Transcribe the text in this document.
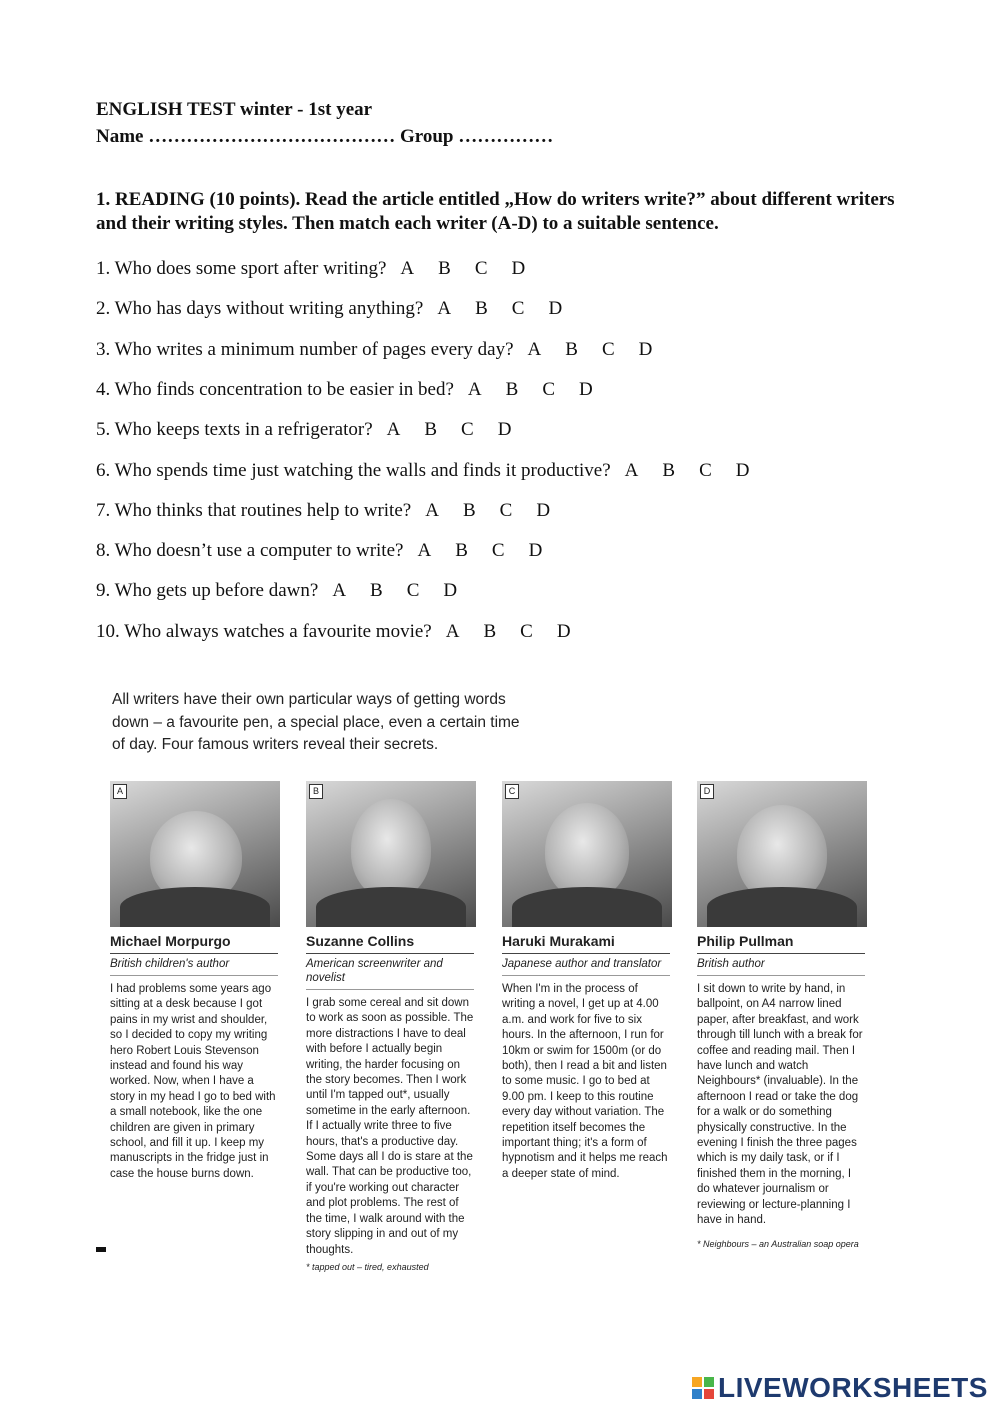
ENGLISH TEST winter - 1st year
Name ………………………………… Group ……………
1. READING (10 points). Read the article entitled „How do writers write?” about different writers and their writing styles. Then match each writer (A-D) to a suitable sentence.
1. Who does some sport after writing? A B C D
2. Who has days without writing anything? A B C D
3. Who writes a minimum number of pages every day? A B C D
4. Who finds concentration to be easier in bed? A B C D
5. Who keeps texts in a refrigerator? A B C D
6. Who spends time just watching the walls and finds it productive? A B C D
7. Who thinks that routines help to write? A B C D
8. Who doesn’t use a computer to write? A B C D
9. Who gets up before dawn? A B C D
10. Who always watches a favourite movie? A B C D
All writers have their own particular ways of getting words down – a favourite pen, a special place, even a certain time of day. Four famous writers reveal their secrets.
A
Michael Morpurgo
British children's author
I had problems some years ago sitting at a desk because I got pains in my wrist and shoulder, so I decided to copy my writing hero Robert Louis Stevenson instead and found his way worked. Now, when I have a story in my head I go to bed with a small notebook, like the one children are given in primary school, and fill it up. I keep my manuscripts in the fridge just in case the house burns down.
B
Suzanne Collins
American screenwriter and novelist
I grab some cereal and sit down to work as soon as possible. The more distractions I have to deal with before I actually begin writing, the harder focusing on the story becomes. Then I work until I'm tapped out*, usually sometime in the early afternoon. If I actually write three to five hours, that's a productive day. Some days all I do is stare at the wall. That can be productive too, if you're working out character and plot problems. The rest of the time, I walk around with the story slipping in and out of my thoughts.
* tapped out – tired, exhausted
C
Haruki Murakami
Japanese author and translator
When I'm in the process of writing a novel, I get up at 4.00 a.m. and work for five to six hours. In the afternoon, I run for 10km or swim for 1500m (or do both), then I read a bit and listen to some music. I go to bed at 9.00 pm. I keep to this routine every day without variation. The repetition itself becomes the important thing; it's a form of hypnotism and it helps me reach a deeper state of mind.
D
Philip Pullman
British author
I sit down to write by hand, in ballpoint, on A4 narrow lined paper, after breakfast, and work through till lunch with a break for coffee and reading mail. Then I have lunch and watch Neighbours* (invaluable). In the afternoon I read or take the dog for a walk or do something physically constructive. In the evening I finish the three pages which is my daily task, or if I finished them in the morning, I do whatever journalism or reviewing or lecture-planning I have in hand.
* Neighbours – an Australian soap opera
LIVEWORKSHEETS
